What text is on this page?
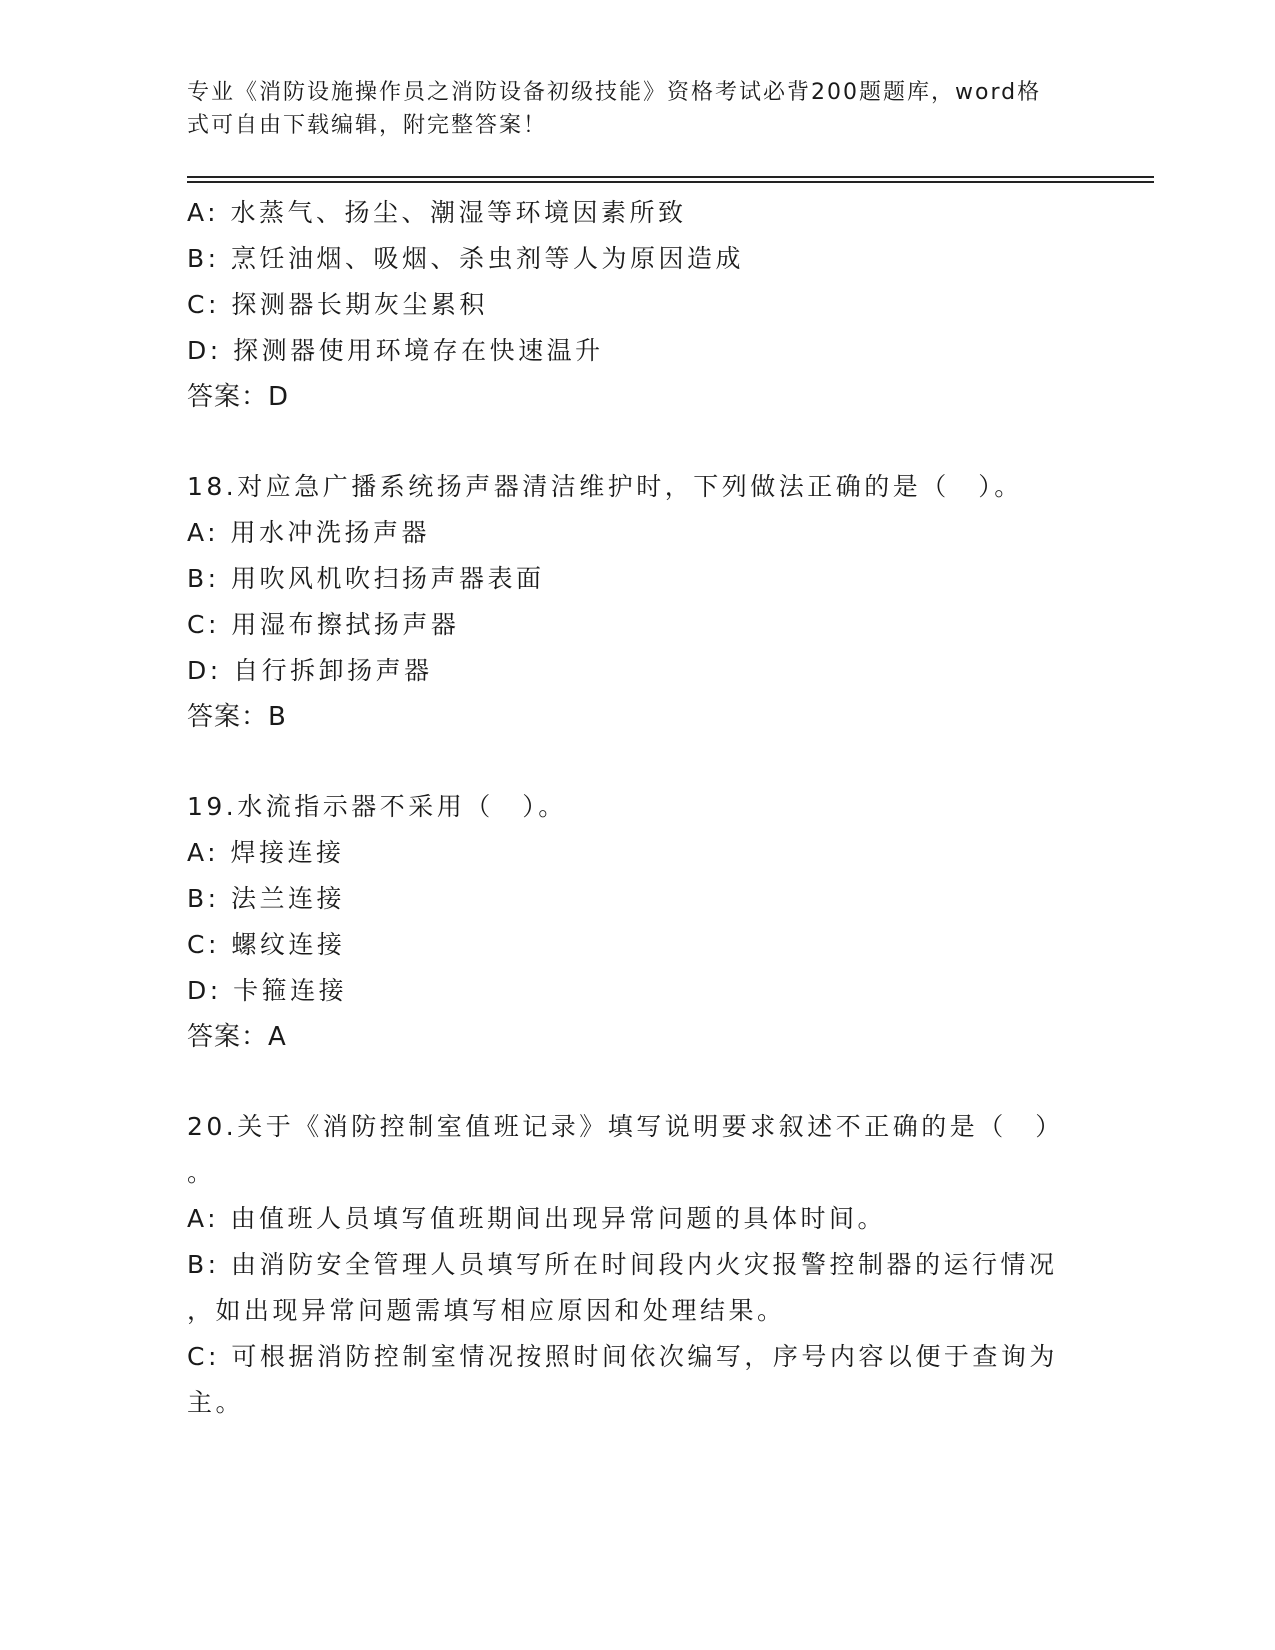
专业《消防设施操作员之消防设备初级技能》资格考试必背200题题库，word格
式可自由下载编辑，附完整答案！
A: 水蒸气、扬尘、潮湿等环境因素所致
B: 烹饪油烟、吸烟、杀虫剂等人为原因造成
C: 探测器长期灰尘累积
D: 探测器使用环境存在快速温升
答案：D
18.对应急广播系统扬声器清洁维护时，下列做法正确的是（　）。
A: 用水冲洗扬声器
B: 用吹风机吹扫扬声器表面
C: 用湿布擦拭扬声器
D: 自行拆卸扬声器
答案：B
19.水流指示器不采用（　）。
A: 焊接连接
B: 法兰连接
C: 螺纹连接
D: 卡箍连接
答案：A
20.关于《消防控制室值班记录》填写说明要求叙述不正确的是（　）
。
A: 由值班人员填写值班期间出现异常问题的具体时间。
B: 由消防安全管理人员填写所在时间段内火灾报警控制器的运行情况
，如出现异常问题需填写相应原因和处理结果。
C: 可根据消防控制室情况按照时间依次编写，序号内容以便于查询为
主。
